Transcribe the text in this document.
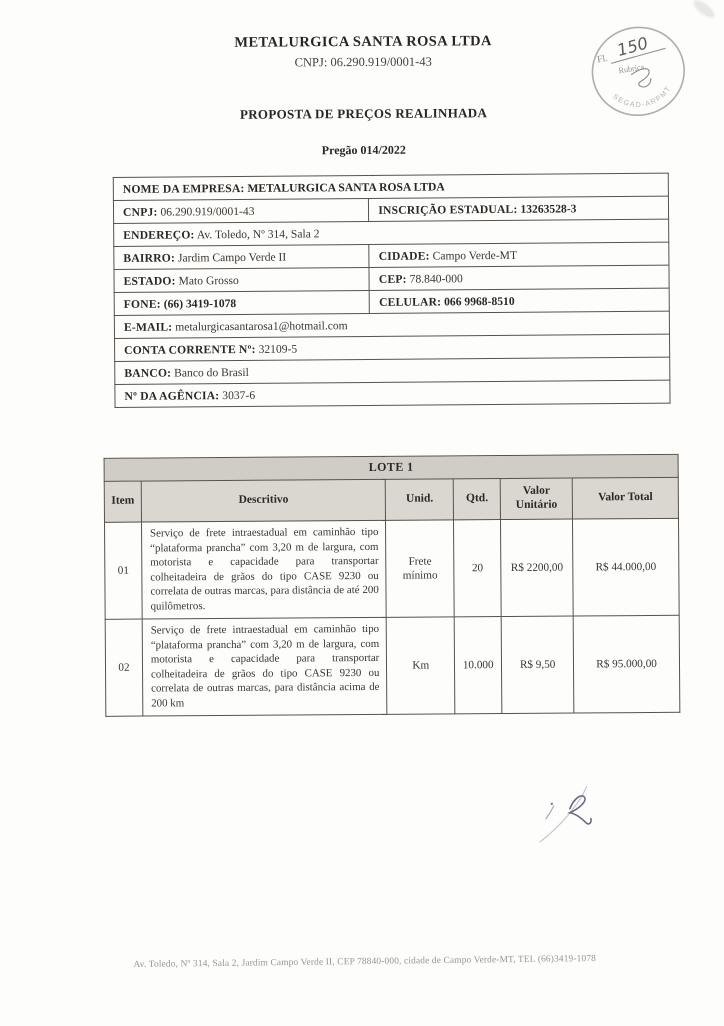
METALURGICA SANTA ROSA LTDA
CNPJ: 06.290.919/0001-43
PROPOSTA DE PREÇOS REALINHADA
Pregão 014/2022
Fl. 150
Rubrica
SEGAD-ARPMT
NOME DA EMPRESA: METALURGICA SANTA ROSA LTDA	
CNPJ: 06.290.919/0001-43	INSCRIÇÃO ESTADUAL: 13263528-3
ENDEREÇO: Av. Toledo, Nº 314, Sala 2	
BAIRRO: Jardim Campo Verde II	CIDADE: Campo Verde-MT
ESTADO: Mato Grosso	CEP: 78.840-000
FONE: (66) 3419-1078	CELULAR: 066 9968-8510
E-MAIL: metalurgicasantarosa1@hotmail.com	
CONTA CORRENTE Nº: 32109-5	
BANCO: Banco do Brasil	
Nº DA AGÊNCIA: 3037-6	
LOTE 1					
Item	Descritivo	Unid.	Qtd.	Valor Unitário	Valor Total
01	Serviço de frete intraestadual em caminhão tipo “plataforma prancha” com 3,20 m de largura, com motorista e capacidade para transportar colheitadeira de grãos do tipo CASE 9230 ou correlata de outras marcas, para distância de até 200 quilômetros.	Frete mínimo	20	R$ 2200,00	R$ 44.000,00
02	Serviço de frete intraestadual em caminhão tipo “plataforma prancha” com 3,20 m de largura, com motorista e capacidade para transportar colheitadeira de grãos do tipo CASE 9230 ou correlata de outras marcas, para distância acima de 200 km	Km	10.000	R$ 9,50	R$ 95.000,00
Av. Toledo, Nº 314, Sala 2, Jardim Campo Verde II, CEP 78840-000, cidade de Campo Verde-MT, TEL (66)3419-1078
